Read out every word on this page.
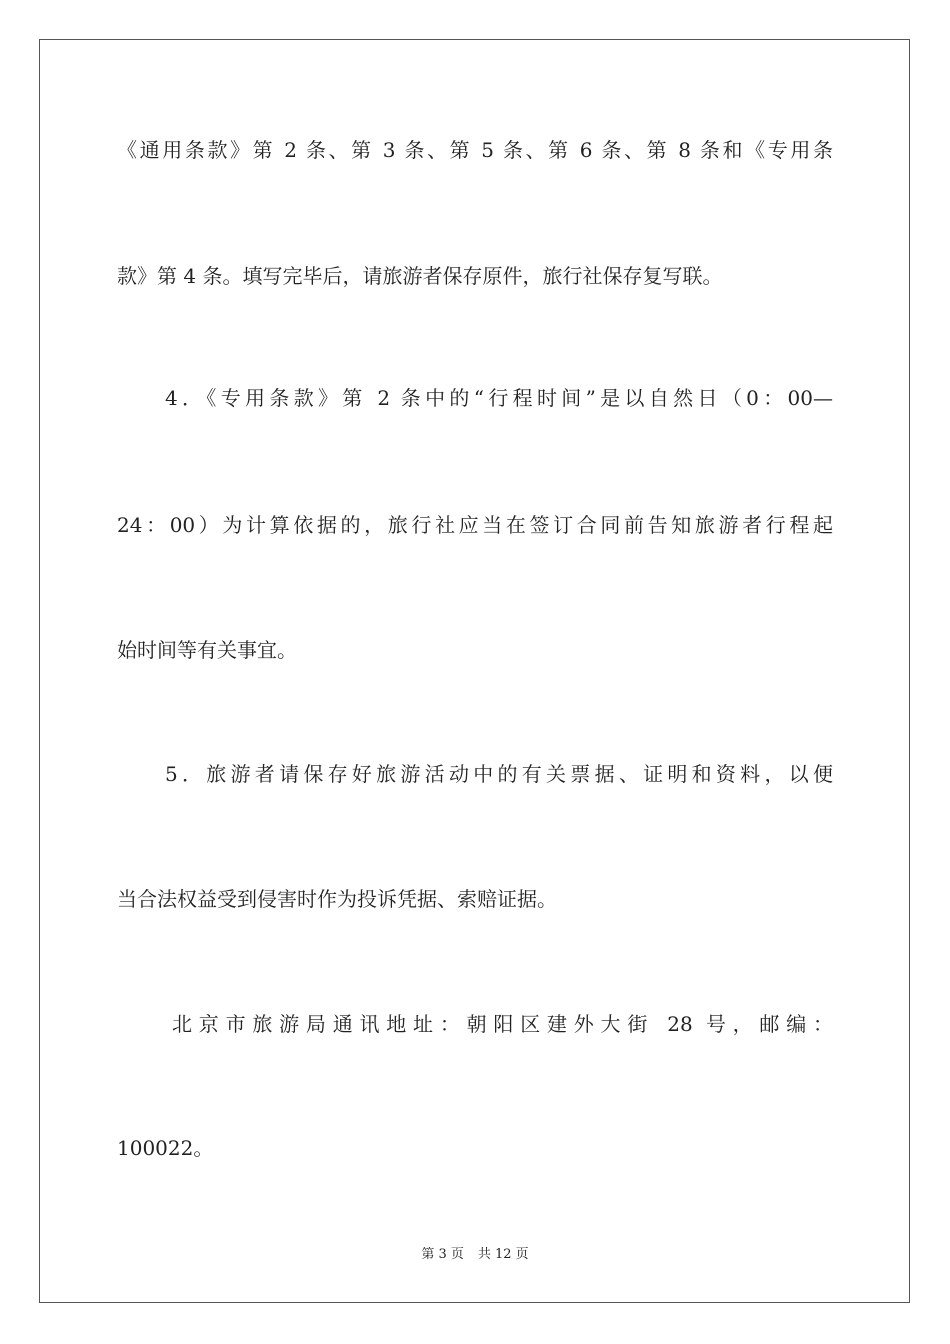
《通用条款》第 2 条、第 3 条、第 5 条、第 6 条、第 8 条和《专用条
款》第 4 条。填写完毕后，请旅游者保存原件，旅行社保存复写联。
4．《专用条款》第 2 条中的“行程时间”是以自然日（0：00—
24：00）为计算依据的，旅行社应当在签订合同前告知旅游者行程起
始时间等有关事宜。
5．旅游者请保存好旅游活动中的有关票据、证明和资料，以便
当合法权益受到侵害时作为投诉凭据、索赔证据。
北京市旅游局通讯地址：朝阳区建外大街 28 号，邮编：
100022。
第 3 页 共 12 页
